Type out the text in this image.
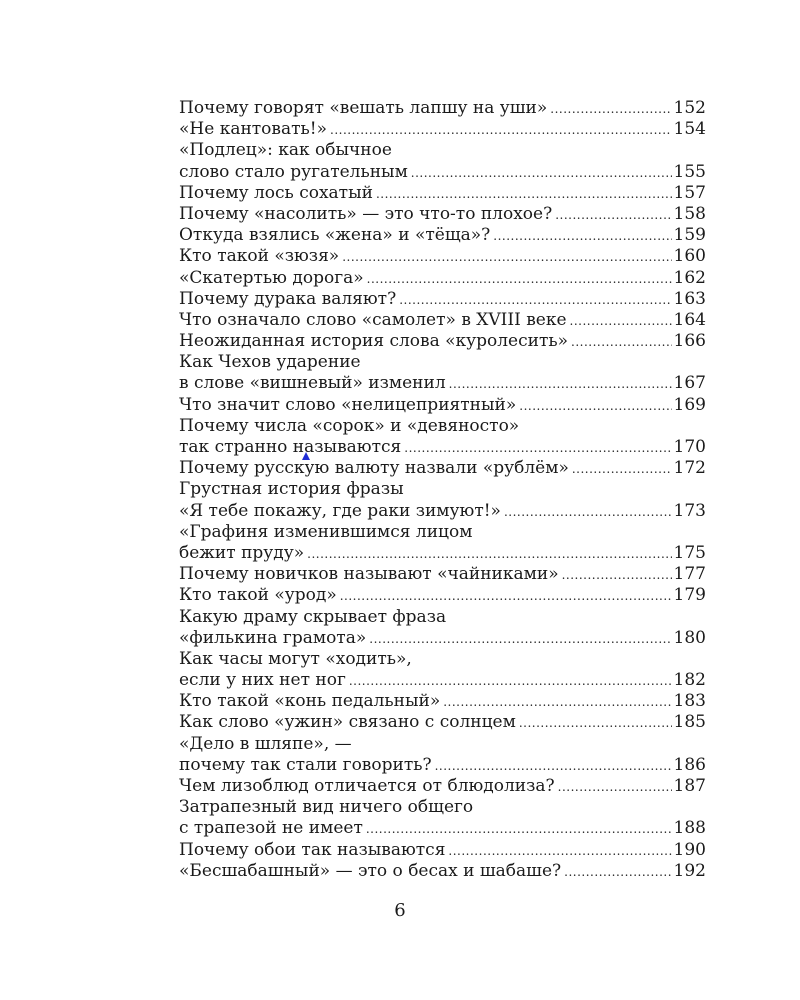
Почему говорят «вешать лапшу на уши» .....	152
«Не кантовать!» .....	154
«Подлец»: как обычное
слово стало ругательным .....	155
Почему лось сохатый .....	157
Почему «насолить» — это что-то плохое? .....	158
Откуда взялись «жена» и «тёща»? .....	159
Кто такой «зюзя» .....	160
«Скатертью дорога» .....	162
Почему дурака валяют? .....	163
Что означало слово «самолет» в XVIII веке .....	164
Неожиданная история слова «куролесить» .....	166
Как Чехов ударение
в слове «вишневый» изменил .....	167
Что значит слово «нелицеприятный» .....	169
Почему числа «сорок» и «девяносто»
так странно называются .....	170
Почему русскую валюту назвали «рублём» .....	172
Грустная история фразы
«Я тебе покажу, где раки зимуют!» .....	173
«Графиня изменившимся лицом
бежит пруду» .....	175
Почему новичков называют «чайниками» .....	177
Кто такой «урод» .....	179
Какую драму скрывает фраза
«филькина грамота» .....	180
Как часы могут «ходить»,
если у них нет ног .....	182
Кто такой «конь педальный» .....	183
Как слово «ужин» связано с солнцем .....	185
«Дело в шляпе», —
почему так стали говорить? .....	186
Чем лизоблюд отличается от блюдолиза? .....	187
Затрапезный вид ничего общего
с трапезой не имеет .....	188
Почему обои так называются .....	190
«Бесшабашный» — это о бесах и шабаше? .....	192
6
